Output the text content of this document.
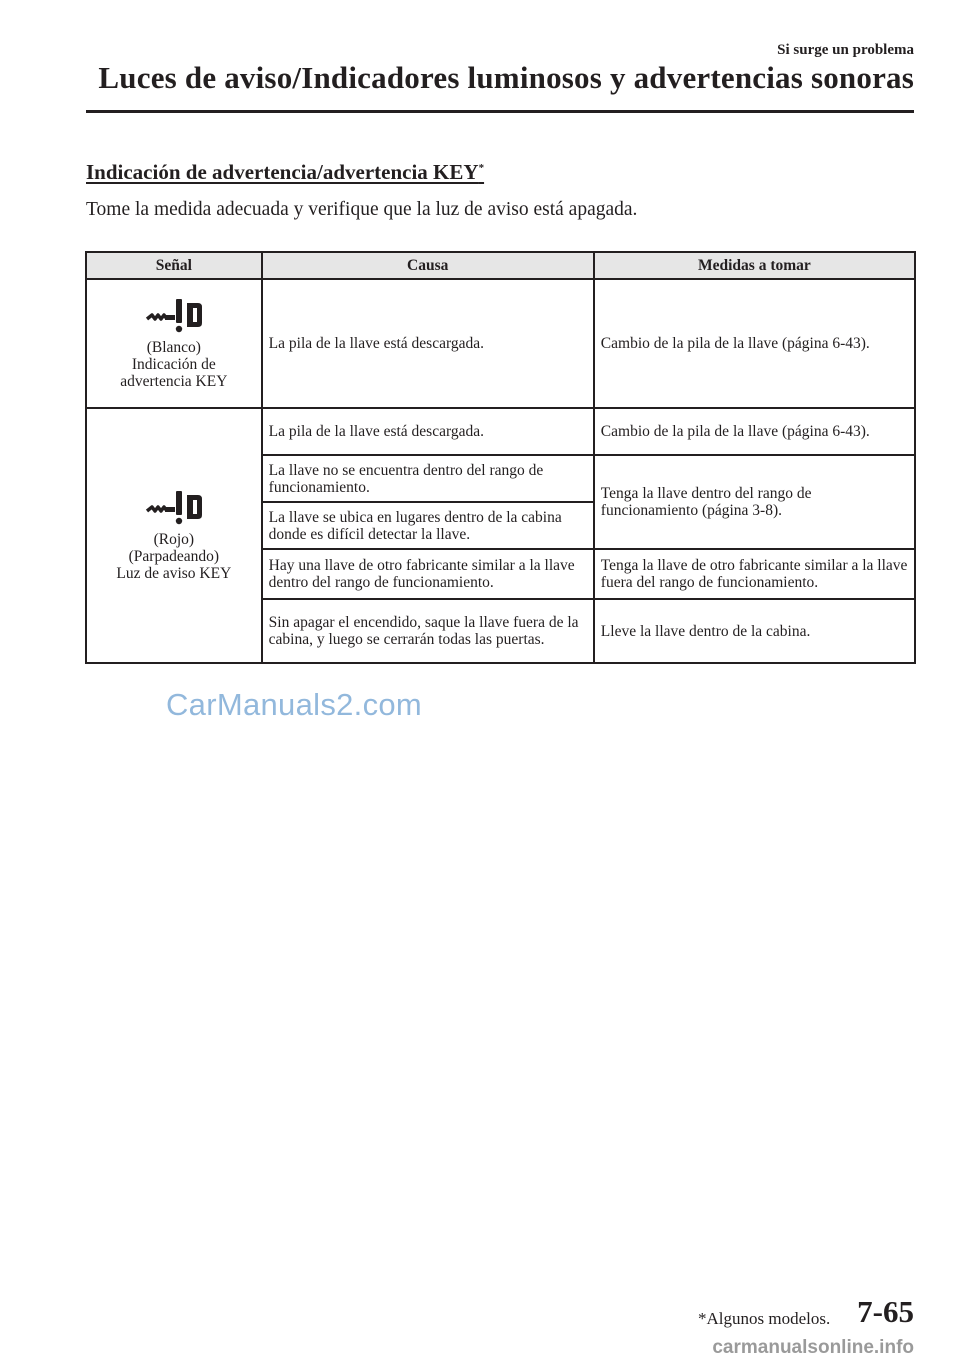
Si surge un problema
Luces de aviso/Indicadores luminosos y advertencias sonoras
Indicación de advertencia/advertencia KEY*
Tome la medida adecuada y verifique que la luz de aviso está apagada.
Señal	Causa	Medidas a tomar

(Blanco)
Indicación de
advertencia KEY	La pila de la llave está descargada.	Cambio de la pila de la llave (página 6-43).

(Rojo)
(Parpadeando)
Luz de aviso KEY	La pila de la llave está descargada.	Cambio de la pila de la llave (página 6-43).
	La llave no se encuentra dentro del rango de funcionamiento.	Tenga la llave dentro del rango de funcionamiento (página 3-8).
	La llave se ubica en lugares dentro de la cabina donde es difícil detectar la llave.	
	Hay una llave de otro fabricante similar a la llave dentro del rango de funcionamiento.	Tenga la llave de otro fabricante similar a la llave fuera del rango de funcionamiento.
	Sin apagar el encendido, saque la llave fuera de la cabina, y luego se cerrarán todas las puertas.	Lleve la llave dentro de la cabina.
CarManuals2.com
*Algunos modelos. 7-65
carmanualsonline.info
